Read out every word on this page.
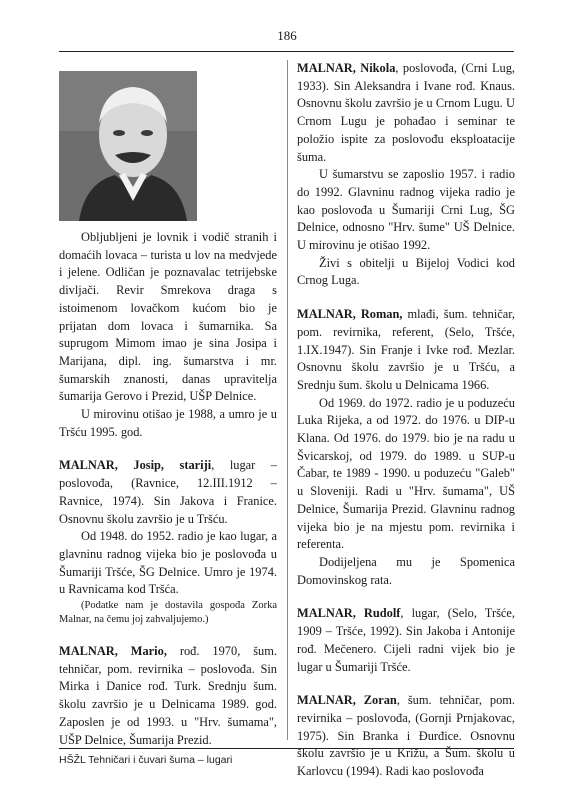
186

Obljubljeni je lovnik i vodič stranih i domaćih lovaca – turista u lov na medvjede i jelene. Odličan je poznavalac tetrijebske divljači. Revir Smrekova draga s istoimenom lovačkom kućom bio je prijatan dom lovaca i šumarnika. Sa suprugom Mimom imao je sina Josipa i Marijana, dipl. ing. šumarstva i mr. šumarskih znanosti, danas upravitelja šumarija Gerovo i Prezid, UŠP Delnice.

U mirovinu otišao je 1988, a umro je u Tršću 1995. god.

MALNAR, Josip, stariji, lugar – poslovođa, (Ravnice, 12.III.1912 – Ravnice, 1974). Sin Jakova i Franice. Osnovnu školu završio je u Tršću.

Od 1948. do 1952. radio je kao lugar, a glavninu radnog vijeka bio je poslovođa u Šumariji Tršće, ŠG Delnice. Umro je 1974. u Ravnicama kod Tršća.

(Podatke nam je dostavila gospođa Zorka Malnar, na čemu joj zahvaljujemo.)

MALNAR, Mario, rođ. 1970, šum. tehničar, pom. revirnika – poslovođa. Sin Mirka i Danice rođ. Turk. Srednju šum. školu završio je u Delnicama 1989. god. Zaposlen je od 1993. u "Hrv. šumama", UŠP Delnice, Šumarija Prezid.

MALNAR, Nikola, poslovođa, (Crni Lug, 1933). Sin Aleksandra i Ivane rođ. Knaus. Osnovnu školu završio je u Crnom Lugu. U Crnom Lugu je pohađao i seminar te položio ispite za poslovođu eksploatacije šuma.

U šumarstvu se zaposlio 1957. i radio do 1992. Glavninu radnog vijeka radio je kao poslovođa u Šumariji Crni Lug, ŠG Delnice, odnosno "Hrv. šume" UŠ Delnice. U mirovinu je otišao 1992.

Živi s obitelji u Bijeloj Vodici kod Crnog Luga.

MALNAR, Roman, mlađi, šum. tehničar, pom. revirnika, referent, (Selo, Tršće, 1.IX.1947). Sin Franje i Ivke rođ. Mezlar. Osnovnu školu završio je u Tršću, a Srednju šum. školu u Delnicama 1966.

Od 1969. do 1972. radio je u poduzeću Luka Rijeka, a od 1972. do 1976. u DIP-u Klana. Od 1976. do 1979. bio je na radu u Švicarskoj, od 1979. do 1989. u SUP-u Čabar, te 1989 - 1990. u poduzeću "Galeb" u Sloveniji. Radi u "Hrv. šumama", UŠ Delnice, Šumarija Prezid. Glavninu radnog vijeka bio je na mjestu pom. revirnika i referenta.

Dodijeljena mu je Spomenica Domovinskog rata.

MALNAR, Rudolf, lugar, (Selo, Tršće, 1909 – Tršće, 1992). Sin Jakoba i Antonije rođ. Mečenero. Cijeli radni vijek bio je lugar u Šumariji Tršće.

MALNAR, Zoran, šum. tehničar, pom. revirnika – poslovođa, (Gornji Prnjakovac, 1975). Sin Branka i Đurđice. Osnovnu školu završio je u Križu, a Šum. školu u Karlovcu (1994). Radi kao poslovođa

HŠŽL Tehničari i čuvari šuma – lugari
